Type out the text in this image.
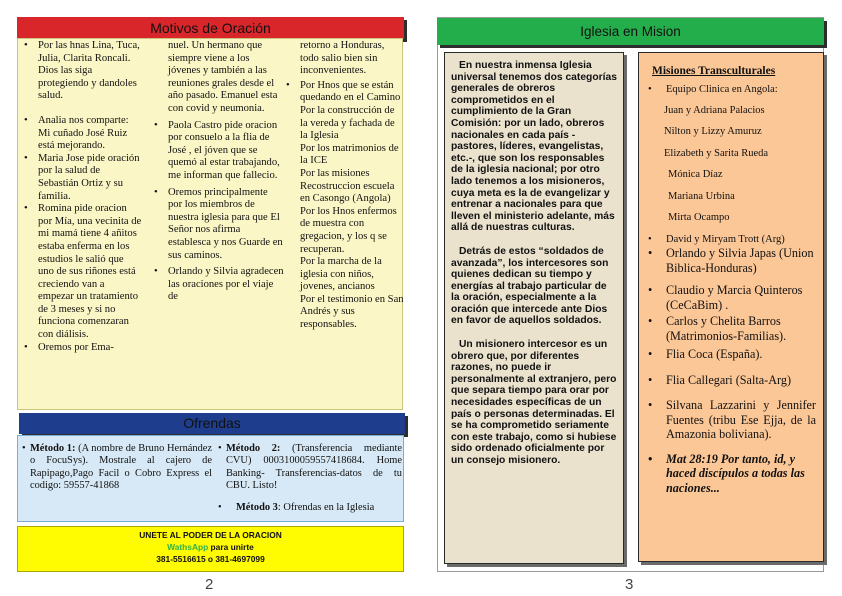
Motivos de Oración
• Por las hnas Lina, Tuca, Julia, Clarita Roncali. Dios las siga protegiendo y dandoles salud.
• Analia nos comparte: Mi cuñado José Ruiz está mejorando.
• Maria Jose pide oración por la salud de Sebastián Ortiz y su familia.
• Romina pide oracion por Mía, una vecinita de mi mamá tiene 4 añitos estaba enferma en los estudios le salió que uno de sus riñones está creciendo van a empezar un tratamiento de 3 meses y si no funciona comenzaran con diálisis.
• Oremos por Ema-
nuel. Un hermano que siempre viene a los jóvenes y también a las reuniones grales desde el año pasado. Emanuel esta con covid y neumonia.
• Paola Castro pide oracion por consuelo a la flia de José , el jóven que se quemó al estar trabajando, me informan que fallecio.
• Oremos principalmente por los miembros de nuestra iglesia para que El Señor nos afirma establesca y nos Guarde en sus caminos.
• Orlando y Silvia agradecen las oraciones por el viaje de
retorno a Honduras, todo salio bien sin inconvenientes.
• Por Hnos que se están quedando en el Camino
Por la construcción de la vereda y fachada de la Iglesia
Por los matrimonios de la ICE
Por las misiones Recostruccion escuela en Casongo (Angola)
Por los Hnos enfermos de muestra con gregacion, y los q se recuperan.
Por la marcha de la iglesia con niños, jovenes, ancianos
Por el testimonio en San Andrés y sus responsables.
Ofrendas
• Método 1: (A nombre de Bruno Hernández o FocuSys). Mostrale al cajero de Rapipago,Pago Facil o Cobro Express el codigo: 59557-41868
• Método 2: (Transferencia mediante CVU) 0003100059557418684. Home Banking- Transferencias-datos de tu CBU. Listo!
• Método 3: Ofrendas en la Iglesia
UNETE AL PODER DE LA ORACION
WathsApp para unirte
381-5516615 o 381-4697099
2
Iglesia en Mision

En nuestra inmensa Iglesia universal tenemos dos categorías generales de obreros comprometidos en el cumplimiento de la Gran Comisión: por un lado, obreros nacionales en cada país -pastores, líderes, evangelistas, etc.-, que son los responsables de la iglesia nacional; por otro lado tenemos a los misioneros, cuya meta es la de evangelizar y entrenar a nacionales para que lleven el ministerio adelante, más allá de nuestras culturas.

Detrás de estos “soldados de avanzada”, los intercesores son quienes dedican su tiempo y energías al trabajo particular de la oración, especialmente a la oración que intercede ante Dios en favor de aquellos soldados.

Un misionero intercesor es un obrero que, por diferentes razones, no puede ir personalmente al extranjero, pero que separa tiempo para orar por necesidades específicas de un país o personas determinadas. El se ha comprometido seriamente con este trabajo, como si hubiese sido ordenado oficialmente por un consejo misionero.

Misiones Transculturales
• Equipo Clinica en Angola:
Juan y Adriana Palacios
Nilton y Lizzy Amuruz
Elizabeth y Sarita Rueda
Mónica Díaz
Mariana Urbina
Mirta Ocampo
• David y Miryam Trott (Arg)
• Orlando y Silvia Japas (Union Biblica-Honduras)
• Claudio y Marcia Quinteros (CeCaBim) .
• Carlos y Chelita Barros (Matrimonios-Familias).
• Flia Coca (España).
• Flia Callegari (Salta-Arg)
• Silvana Lazzarini y Jennifer Fuentes (tribu Ese Ejja, de la Amazonia boliviana).
• Mat 28:19 Por tanto, id, y haced discípulos a todas las naciones...
3
